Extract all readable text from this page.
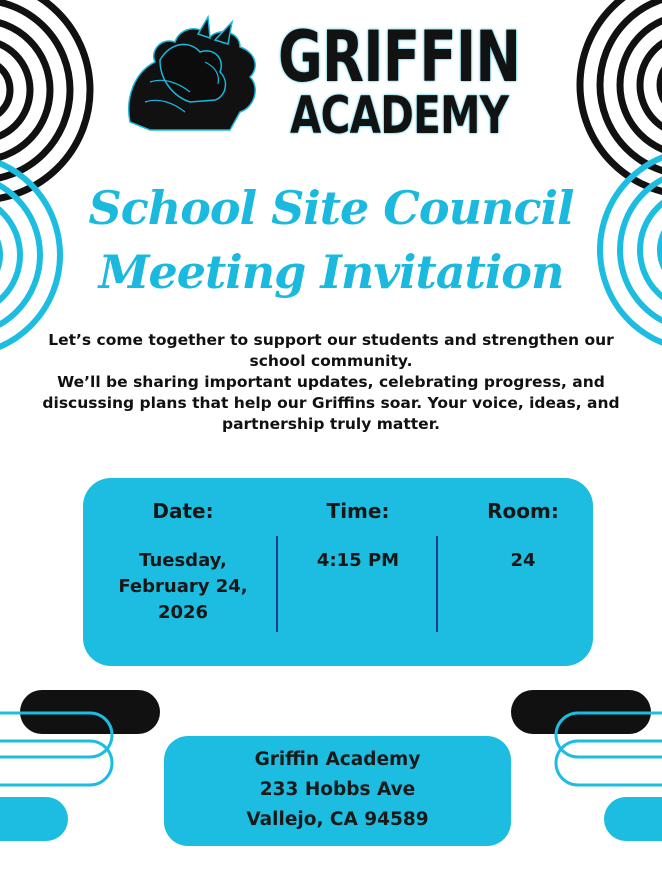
GRIFFIN
ACADEMY
School Site Council
Meeting Invitation

Let’s come together to support our students and strengthen our school community.

We’ll be sharing important updates, celebrating progress, and discussing plans that help our Griffins soar. Your voice, ideas, and partnership truly matter.

Date:
Tuesday, February 24, 2026
Time:
4:15 PM
Room:
24
Griffin Academy
233 Hobbs Ave
Vallejo, CA 94589
